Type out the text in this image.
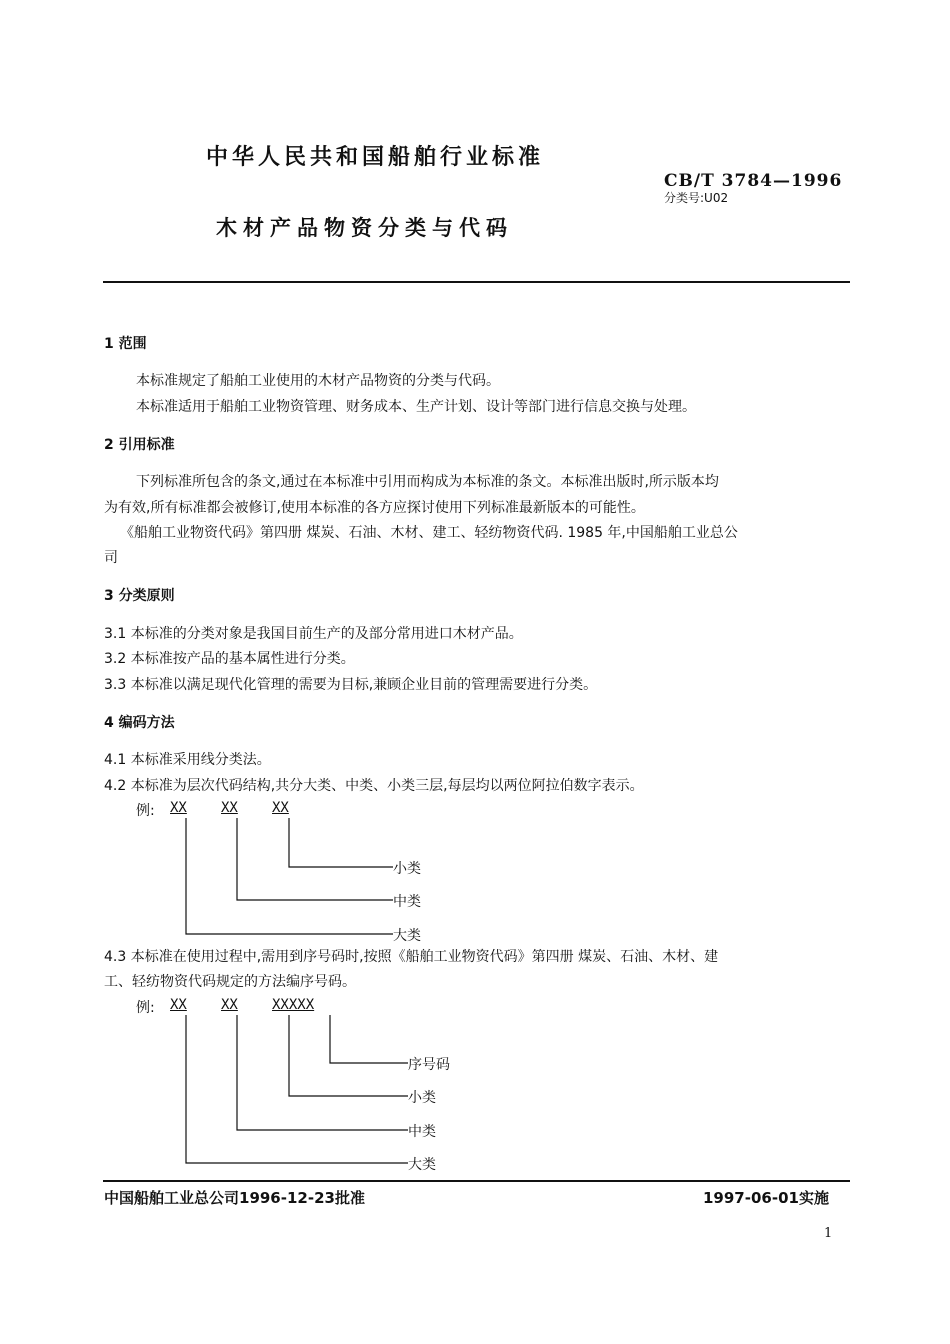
中华人民共和国船舶行业标准
CB/T 3784—1996
分类号:U02
木材产品物资分类与代码
1 范围
本标准规定了船舶工业使用的木材产品物资的分类与代码。
本标准适用于船舶工业物资管理、财务成本、生产计划、设计等部门进行信息交换与处理。
2 引用标准
下列标准所包含的条文,通过在本标准中引用而构成为本标准的条文。本标准出版时,所示版本均
为有效,所有标准都会被修订,使用本标准的各方应探讨使用下列标准最新版本的可能性。
《船舶工业物资代码》第四册 煤炭、石油、木材、建工、轻纺物资代码. 1985 年,中国船舶工业总公
司
3 分类原则
3.1 本标准的分类对象是我国目前生产的及部分常用进口木材产品。
3.2 本标准按产品的基本属性进行分类。
3.3 本标准以满足现代化管理的需要为目标,兼顾企业目前的管理需要进行分类。
4 编码方法
4.1 本标准采用线分类法。
4.2 本标准为层次代码结构,共分大类、中类、小类三层,每层均以两位阿拉伯数字表示。
例: XX XX XX
小类
中类
大类
4.3 本标准在使用过程中,需用到序号码时,按照《船舶工业物资代码》第四册 煤炭、石油、木材、建
工、轻纺物资代码规定的方法编序号码。
例: XX XX XXXXX
序号码
小类
中类
大类
中国船舶工业总公司1996-12-23批准	1997-06-01实施
1
